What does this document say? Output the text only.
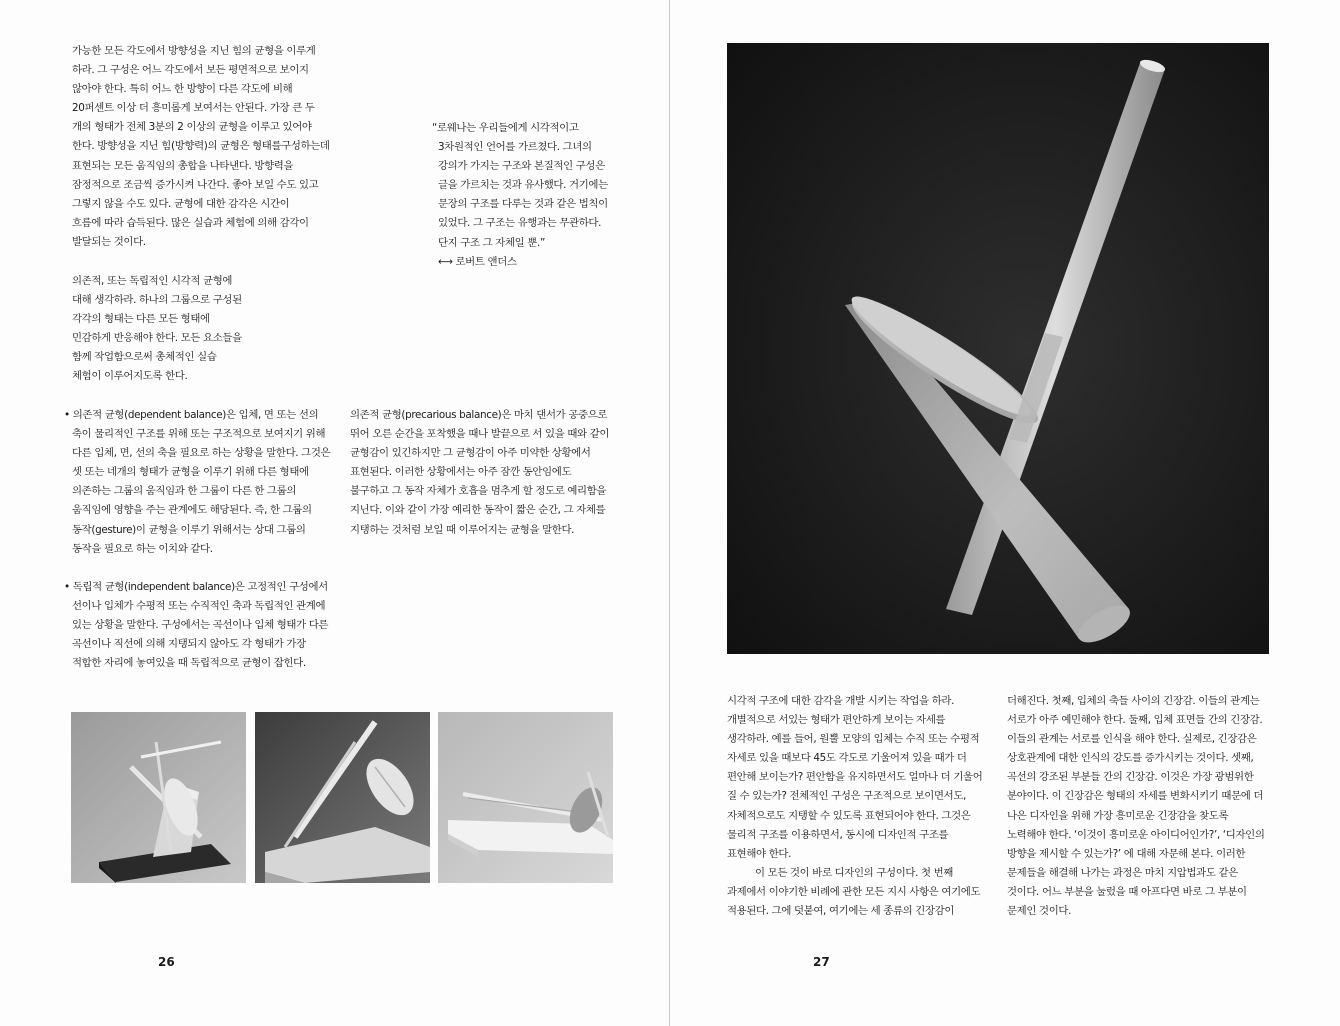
가능한 모든 각도에서 방향성을 지닌 힘의 균형을 이루게
하라. 그 구성은 어느 각도에서 보든 평면적으로 보이지
않아야 한다. 특히 어느 한 방향이 다른 각도에 비해
20퍼센트 이상 더 흥미롭게 보여서는 안된다. 가장 큰 두
개의 형태가 전체 3분의 2 이상의 균형을 이루고 있어야
한다. 방향성을 지닌 힘(방향력)의 균형은 형태를구성하는데
표현되는 모든 움직임의 총합을 나타낸다. 방향력을
잠정적으로 조금씩 증가시켜 나간다. 좋아 보일 수도 있고
그렇지 않을 수도 있다. 균형에 대한 감각은 시간이
흐름에 따라 습득된다. 많은 실습과 체험에 의해 감각이
발달되는 것이다.
“로웨나는 우리들에게 시각적이고
3차원적인 언어를 가르쳤다. 그녀의
강의가 가지는 구조와 본질적인 구성은
글을 가르치는 것과 유사했다. 거기에는
문장의 구조를 다루는 것과 같은 법칙이
있었다. 그 구조는 유행과는 무관하다.
단지 구조 그 자체일 뿐.”
⟷ 로버트 앤더스
의존적, 또는 독립적인 시각적 균형에
대해 생각하라. 하나의 그룹으로 구성된
각각의 형태는 다른 모든 형태에
민감하게 반응해야 한다. 모든 요소들을
함께 작업함으로써 총체적인 실습
체험이 이루어지도록 한다.
• 의존적 균형(dependent balance)은 입체, 면 또는 선의
축이 물리적인 구조를 위해 또는 구조적으로 보여지기 위해
다른 입체, 면, 선의 축을 필요로 하는 상황을 말한다. 그것은
셋 또는 네개의 형태가 균형을 이루기 위해 다른 형태에
의존하는 그룹의 움직임과 한 그룹이 다른 한 그룹의
움직임에 영향을 주는 관계에도 해당된다. 즉, 한 그룹의
동작(gesture)이 균형을 이루기 위해서는 상대 그룹의
동작을 필요로 하는 이치와 같다.
의존적 균형(precarious balance)은 마치 댄서가 공중으로
뛰어 오른 순간을 포착했을 때나 발끝으로 서 있을 때와 같이
균형감이 있긴하지만 그 균형감이 아주 미약한 상황에서
표현된다. 이러한 상황에서는 아주 잠깐 동안임에도
불구하고 그 동작 자체가 호흡을 멈추게 할 정도로 예리함을
지닌다. 이와 같이 가장 예리한 동작이 짧은 순간, 그 자체를
지탱하는 것처럼 보일 때 이루어지는 균형을 말한다.
• 독립적 균형(independent balance)은 고정적인 구성에서
선이나 입체가 수평적 또는 수직적인 축과 독립적인 관계에
있는 상황을 말한다. 구성에서는 곡선이나 입체 형태가 다른
곡선이나 직선에 의해 지탱되지 않아도 각 형태가 가장
적합한 자리에 놓여있을 때 독립적으로 균형이 잡힌다.
26	27
시각적 구조에 대한 감각을 개발 시키는 작업을 하라.
개별적으로 서있는 형태가 편안하게 보이는 자세를
생각하라. 예를 들어, 원뿔 모양의 입체는 수직 또는 수평적
자세로 있을 때보다 45도 각도로 기울어져 있을 때가 더
편안해 보이는가? 편안함을 유지하면서도 얼마나 더 기울어
질 수 있는가? 전체적인 구성은 구조적으로 보이면서도,
자체적으로도 지탱할 수 있도록 표현되어야 한다. 그것은
물리적 구조를 이용하면서, 동시에 디자인적 구조를
표현해야 한다.
이 모든 것이 바로 디자인의 구성이다. 첫 번째
과제에서 이야기한 비례에 관한 모든 지시 사항은 여기에도
적용된다. 그에 덧붙여, 여기에는 세 종류의 긴장감이
더해진다. 첫째, 입체의 축들 사이의 긴장감. 이들의 관계는
서로가 아주 예민해야 한다. 둘째, 입체 표면들 간의 긴장감.
이들의 관계는 서로를 인식을 해야 한다. 실제로, 긴장감은
상호관계에 대한 인식의 강도를 증가시키는 것이다. 셋째,
곡선의 강조된 부분들 간의 긴장감. 이것은 가장 광범위한
분야이다. 이 긴장감은 형태의 자세를 변화시키기 때문에 더
나은 디자인을 위해 가장 흥미로운 긴장감을 찾도록
노력해야 한다. ‘이것이 흥미로운 아이디어인가?’, ‘디자인의
방향을 제시할 수 있는가?’ 에 대해 자문해 본다. 이러한
문제들을 해결해 나가는 과정은 마치 지압법과도 같은
것이다. 어느 부분을 눌렀을 때 아프다면 바로 그 부분이
문제인 것이다.
